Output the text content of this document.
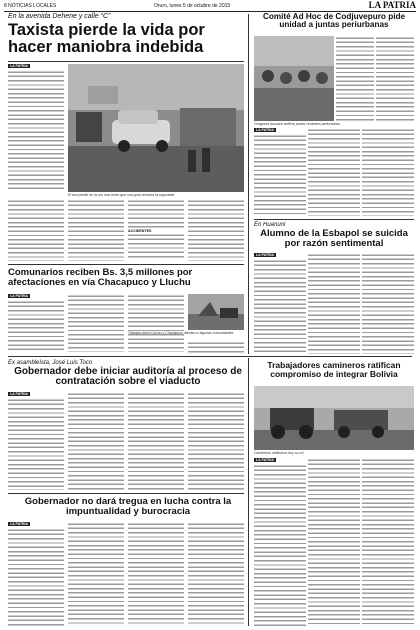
8 NOTICIAS LOCALES	Oruro, lunes 5 de octubre de 2015	LA PATRIA
En la avenida Dehene y calle “C”
Taxista pierde la vida por hacer maniobra indebida
LA PATRIA
El taxi perdió en la vía, tras tener que una grúa remolca la seguridad
ACCIDENTES
Comunarios reciben Bs. 3,5 millones por afectaciones en vía Chacapuco y Lluchu
LA PATRIA
Trabajos entre Lluchu y Chacapuco afectan a algunas comunidades
Ex asambleísta, José Luis Toco
Gobernador debe iniciar auditoría al proceso de contratación sobre el viaducto
LA PATRIA
Gobernador no dará tregua en lucha contra la impuntualidad y burocracia
LA PATRIA
Comité Ad Hoc de Codjuvepuro pide unidad a juntas periurbanas
Congreso buscará unificar juntas vecinales periurbanas
LA PATRIA
En Huanuni
Alumno de la Esbapol se suicida por razón sentimental
LA PATRIA
Trabajadores camineros ratifican compromiso de integrar Bolivia
Camineros ratificaron hoy su rol
LA PATRIA
